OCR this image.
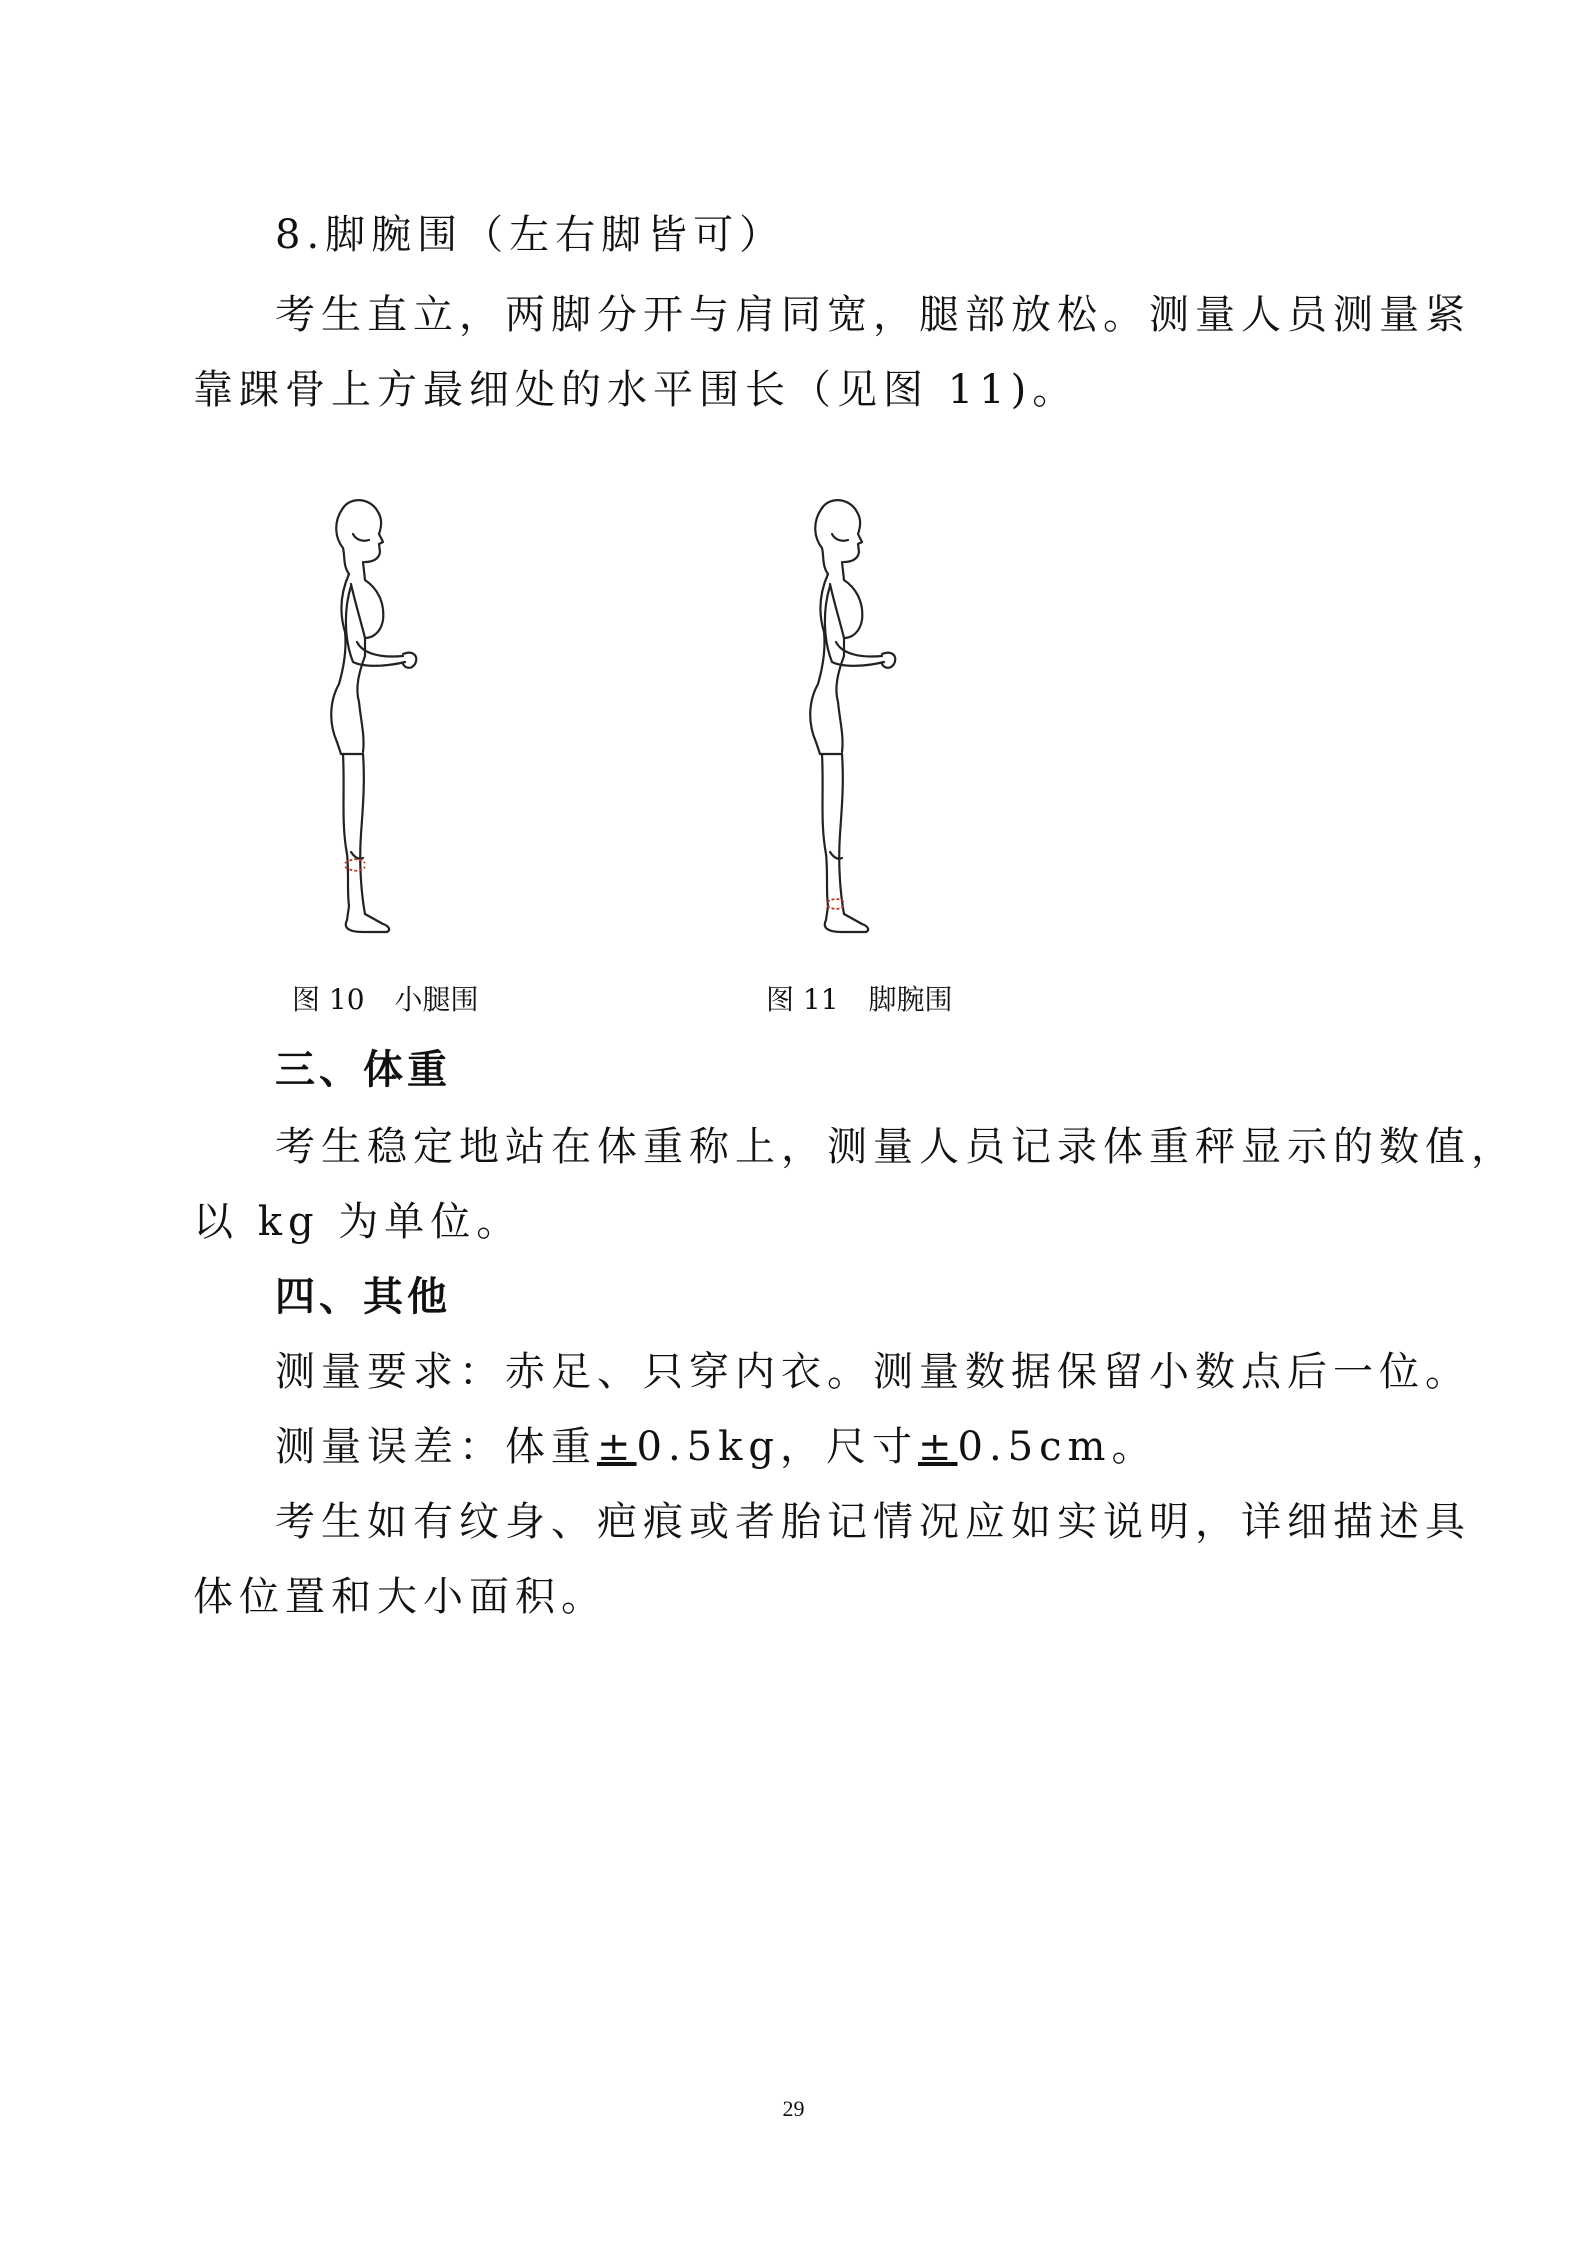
8.脚腕围（左右脚皆可）
考生直立，两脚分开与肩同宽，腿部放松。测量人员测量紧
靠踝骨上方最细处的水平围长（见图 11)。
图 10 小腿围	图 11 脚腕围
三、体重
考生稳定地站在体重称上，测量人员记录体重秤显示的数值，
以 kg 为单位。
四、其他
测量要求：赤足、只穿内衣。测量数据保留小数点后一位。
测量误差：体重±0.5kg，尺寸±0.5cm。
考生如有纹身、疤痕或者胎记情况应如实说明，详细描述具
体位置和大小面积。
29
